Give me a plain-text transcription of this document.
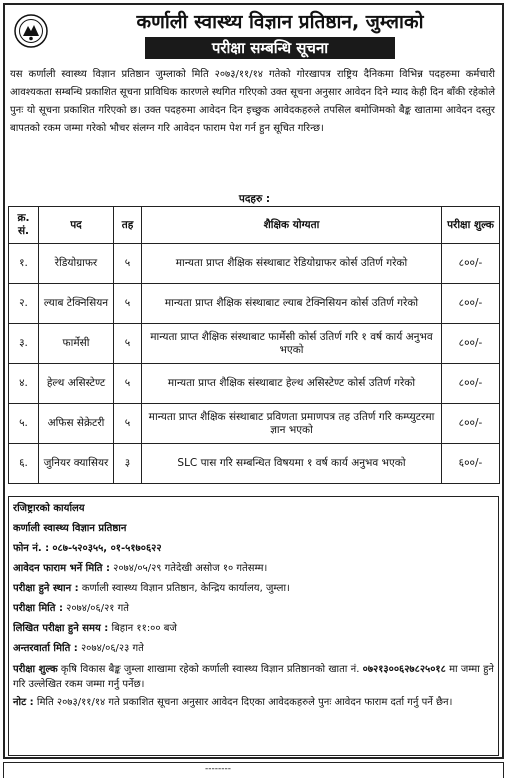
कर्णाली स्वास्थ्य विज्ञान प्रतिष्ठान, जुम्लाको
परीक्षा सम्बन्धि सूचना
यस कर्णाली स्वास्थ्य विज्ञान प्रतिष्ठान जुम्लाको मिति २०७३/११/१४ गतेको गोरखापत्र राष्ट्रिय दैनिकमा विभिन्न पदहरुमा कर्मचारी आवश्यकता सम्बन्धि प्रकाशित सूचना प्राविधिक कारणले स्थगित गरिएको उक्त सूचना अनुसार आवेदन दिने म्याद केही दिन बाँकी रहेकोले पुनः यो सूचना प्रकाशित गरिएको छ। उक्त पदहरुमा आवेदन दिन इच्छुक आवेदकहरुले तपसिल बमोजिमको बैङ्क खातामा आवेदन दस्तुर बापतको रकम जम्मा गरेको भौचर संलग्न गरि आवेदन फाराम पेश गर्न हुन सूचित गरिन्छ।
पदहरु :
क्र. सं.	पद	तह	शैक्षिक योग्यता	परीक्षा शुल्क
१.	रेडियोग्राफर	५	मान्यता प्राप्त शैक्षिक संस्थाबाट रेडियोग्राफर कोर्स उतिर्ण गरेको	८००/-
२.	ल्याब टेक्निसियन	५	मान्यता प्राप्त शैक्षिक संस्थाबाट ल्याब टेक्निसियन कोर्स उतिर्ण गरेको	८००/-
३.	फार्मेसी	५	मान्यता प्राप्त शैक्षिक संस्थाबाट फार्मेसी कोर्स उतिर्ण गरि १ वर्ष कार्य अनुभव भएको	८००/-
४.	हेल्थ असिस्टेण्ट	५	मान्यता प्राप्त शैक्षिक संस्थाबाट हेल्थ असिस्टेण्ट कोर्स उतिर्ण गरेको	८००/-
५.	अफिस सेक्रेटरी	५	मान्यता प्राप्त शैक्षिक संस्थाबाट प्रविणता प्रमाणपत्र तह उतिर्ण गरि कम्प्युटरमा ज्ञान भएको	८००/-
६.	जुनियर क्यासियर	३	SLC पास गरि सम्बन्धित विषयमा १ वर्ष कार्य अनुभव भएको	६००/-
रजिष्ट्रारको कार्यालय
कर्णाली स्वास्थ्य विज्ञान प्रतिष्ठान
फोन नं. : ०८७-५२०३५५, ०१-५१७०६२२
आवेदन फाराम भर्ने मिति : २०७४/०५/२९ गतेदेखी असोज १० गतेसम्म।
परीक्षा हुने स्थान : कर्णाली स्वास्थ्य विज्ञान प्रतिष्ठान, केन्द्रिय कार्यालय, जुम्ला।
परीक्षा मिति : २०७४/०६/२१ गते
लिखित परीक्षा हुने समय : बिहान ११:०० बजे
अन्तरवार्ता मिति : २०७४/०६/२३ गते
परीक्षा शुल्क कृषि विकास बैङ्क जुम्ला शाखामा रहेको कर्णाली स्वास्थ्य विज्ञान प्रतिष्ठानको खाता नं. ०७२१३००६२७८२५०१८ मा जम्मा हुने गरि उल्लेखित रकम जम्मा गर्नु पर्नेछ।
नोट : मिति २०७३/११/१४ गते प्रकाशित सूचना अनुसार आवेदन दिएका आवेदकहरुले पुनः आवेदन फाराम दर्ता गर्नु पर्ने छैन।
--------
